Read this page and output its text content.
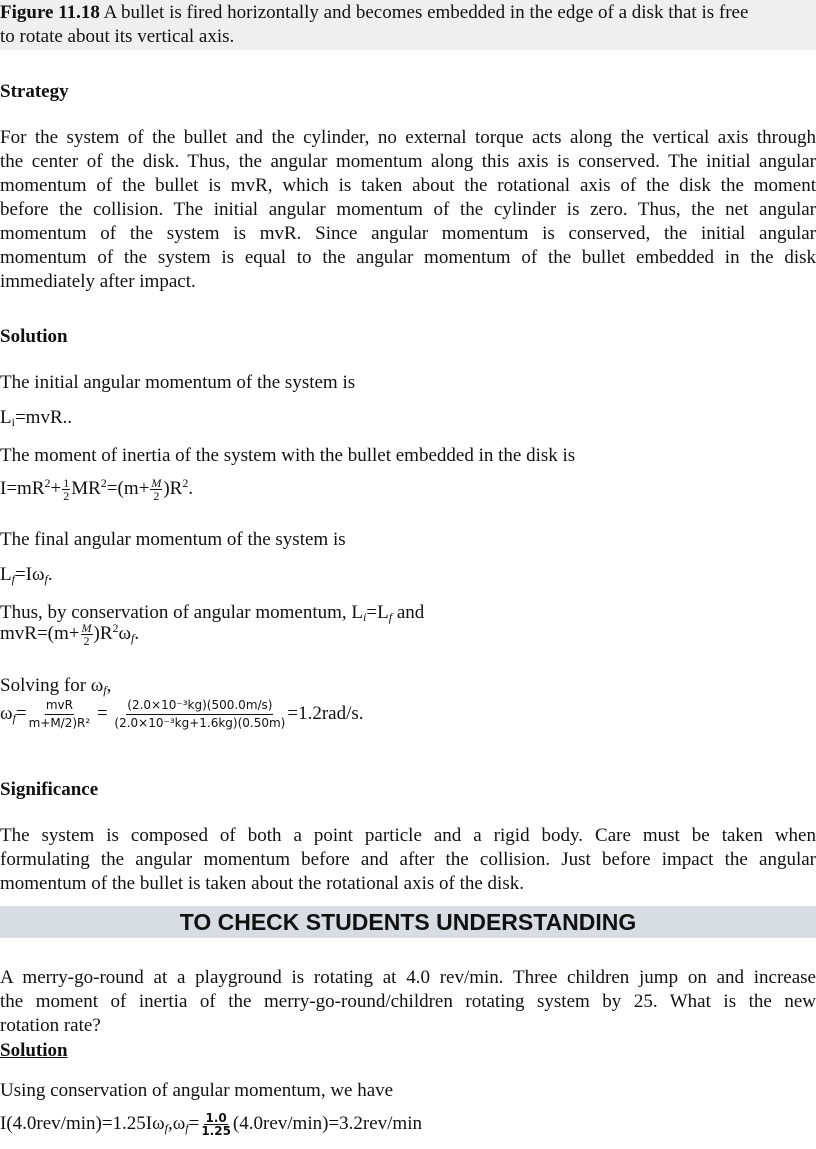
Figure 11.18 A bullet is fired horizontally and becomes embedded in the edge of a disk that is free
to rotate about its vertical axis.
Strategy
For the system of the bullet and the cylinder, no external torque acts along the vertical axis through
the center of the disk. Thus, the angular momentum along this axis is conserved. The initial angular
momentum of the bullet is mvR, which is taken about the rotational axis of the disk the moment
before the collision. The initial angular momentum of the cylinder is zero. Thus, the net angular
momentum of the system is mvR. Since angular momentum is conserved, the initial angular
momentum of the system is equal to the angular momentum of the bullet embedded in the disk
immediately after impact.
Solution
The initial angular momentum of the system is
$L_i=mvR$..
The moment of inertia of the system with the bullet embedded in the disk is
$I=mR^2+ \frac{1}{2} MR^2=(m+ \frac{M}{2} )R^2$.
The final angular momentum of the system is
$L_f=I\omega_f$.
Thus, by conservation of angular momentum, $L_i=L_f$ and
$mvR=(m+ \frac{M}{2} )R^2\omega_f$.
Solving for $\omega_f$,
$\omega_f= \frac{\text{mvR}}{\text{m+M/2)R²}} = \frac{\text{(2.0×10⁻³kg)(500.0m/s)}}{\text{(2.0×10⁻³kg+1.6kg)(0.50m)}} =1.2rad/s$.
Significance
The system is composed of both a point particle and a rigid body. Care must be taken when
formulating the angular momentum before and after the collision. Just before impact the angular
momentum of the bullet is taken about the rotational axis of the disk.
TO CHECK STUDENTS UNDERSTANDING
A merry-go-round at a playground is rotating at 4.0 rev/min. Three children jump on and increase
the moment of inertia of the merry-go-round/children rotating system by 25. What is the new
rotation rate?
Solution
Using conservation of angular momentum, we have
$I(4.0rev/\min)=1.25I\omega_f,\omega_f= \frac{1.0}{1.25} (4.0rev/\min)=3.2rev/\min$
